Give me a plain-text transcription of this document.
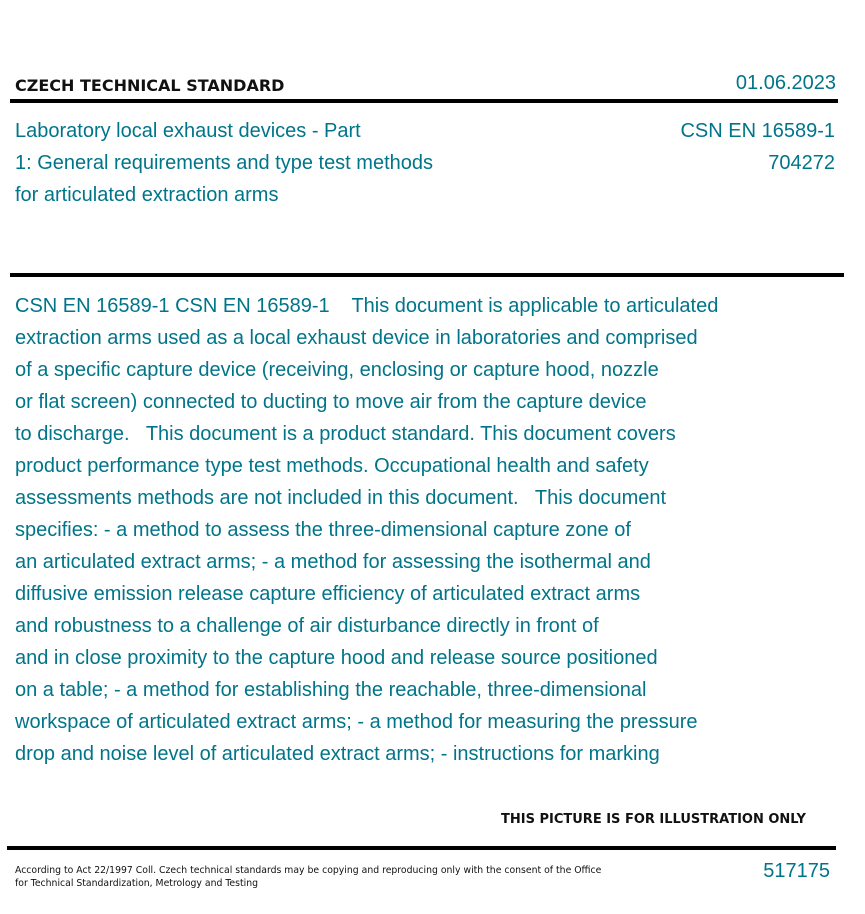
CZECH TECHNICAL STANDARD	01.06.2023
Laboratory local exhaust devices - Part
1: General requirements and type test methods
for articulated extraction arms
CSN EN 16589-1
704272
CSN EN 16589-1 CSN EN 16589-1    This document is applicable to articulated
extraction arms used as a local exhaust device in laboratories and comprised
of a specific capture device (receiving, enclosing or capture hood, nozzle
or flat screen) connected to ducting to move air from the capture device
to discharge.   This document is a product standard. This document covers
product performance type test methods. Occupational health and safety
assessments methods are not included in this document.   This document
specifies: - a method to assess the three-dimensional capture zone of
an articulated extract arms; - a method for assessing the isothermal and
diffusive emission release capture efficiency of articulated extract arms
and robustness to a challenge of air disturbance directly in front of
and in close proximity to the capture hood and release source positioned
on a table; - a method for establishing the reachable, three-dimensional
workspace of articulated extract arms; - a method for measuring the pressure
drop and noise level of articulated extract arms; - instructions for marking
THIS PICTURE IS FOR ILLUSTRATION ONLY
According to Act 22/1997 Coll. Czech technical standards may be copying and reproducing only with the consent of the Office
for Technical Standardization, Metrology and Testing
517175
